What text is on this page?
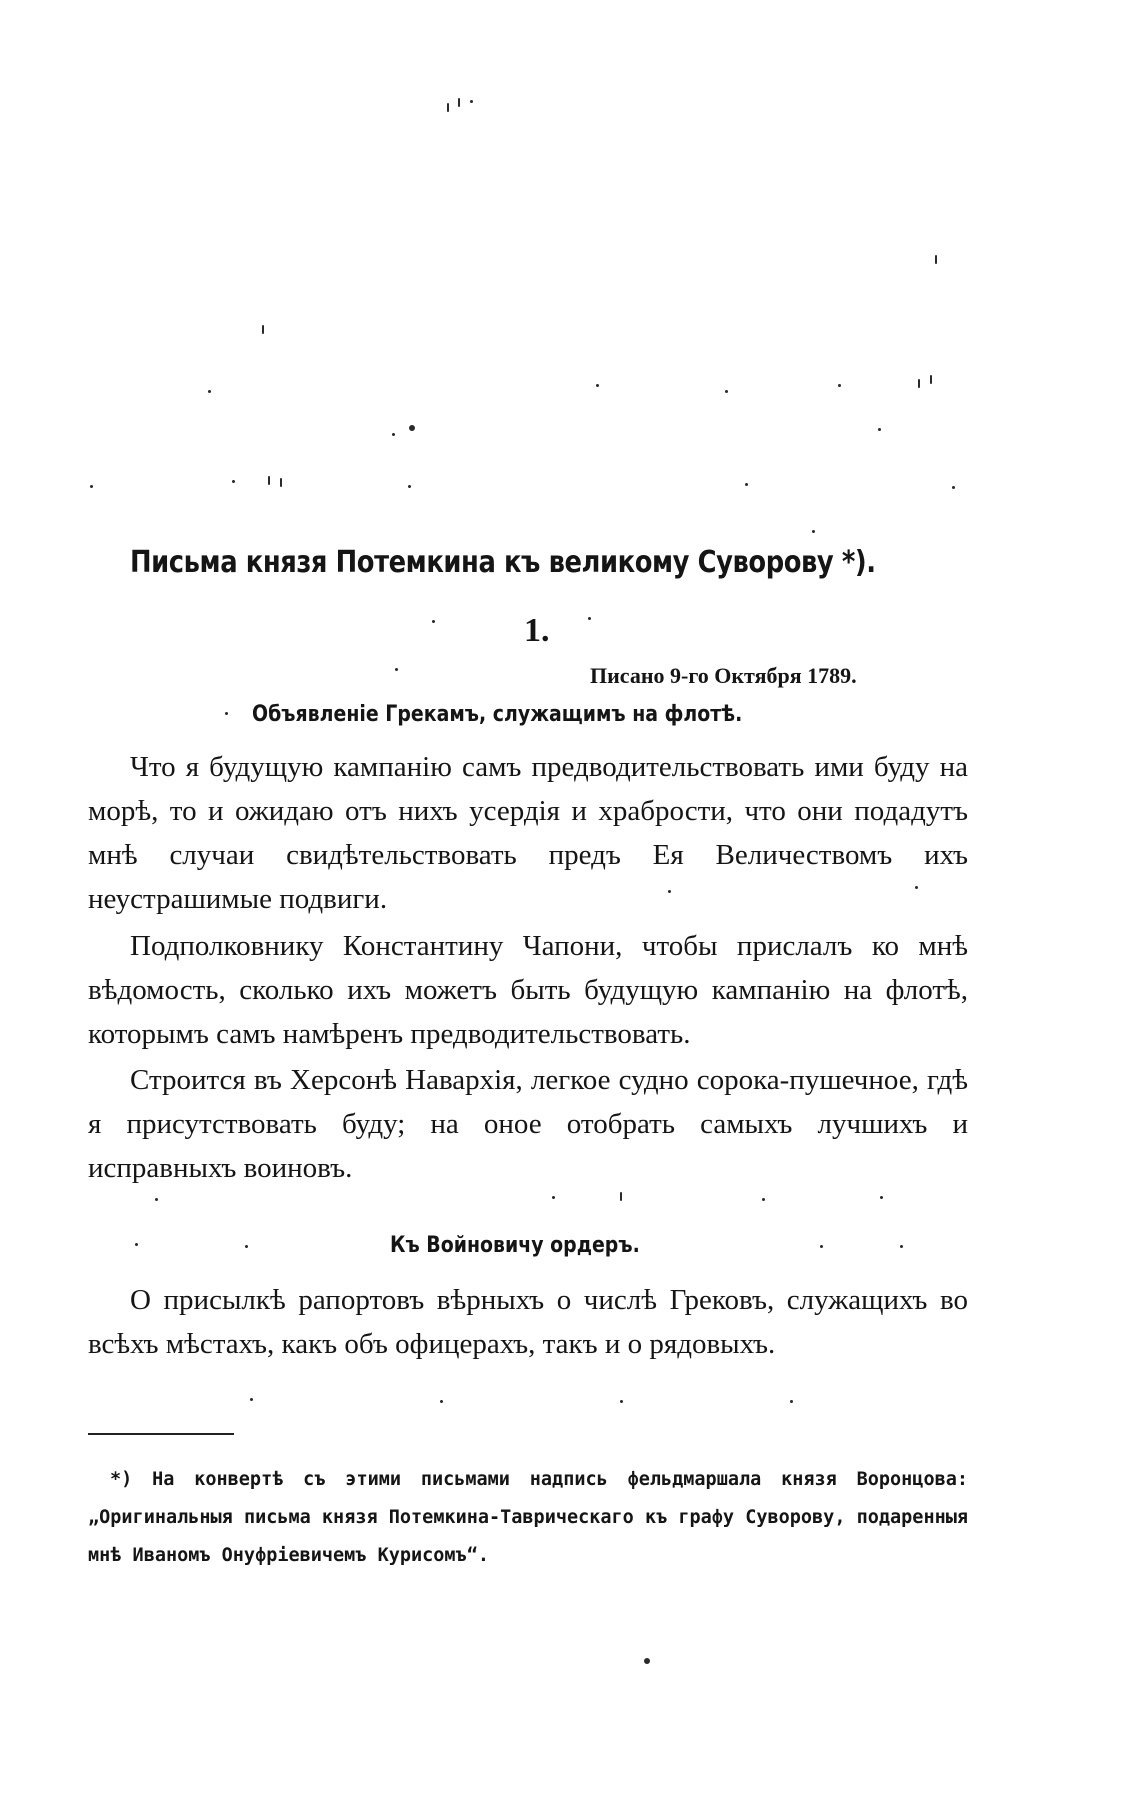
Письма князя Потемкина къ великому Суворову *).
1.
Писано 9-го Октября 1789.
Объявленіе Грекамъ, служащимъ на флотѣ.

Что я будущую кампанію самъ предводительствовать ими буду на морѣ, то и ожидаю отъ нихъ усердія и храбрости, что они подадутъ мнѣ случаи свидѣтельствовать предъ Ея Величествомъ ихъ неустрашимые подвиги.

Подполковнику Константину Чапони, чтобы прислалъ ко мнѣ вѣдомость, сколько ихъ можетъ быть будущую кампанію на флотѣ, которымъ самъ намѣренъ предводительствовать.

Строится въ Херсонѣ Навархія, легкое судно сорока-пушечное, гдѣ я присутствовать буду; на оное отобрать самыхъ лучшихъ и исправныхъ воиновъ.

Къ Войновичу ордеръ.

О присылкѣ рапортовъ вѣрныхъ о числѣ Грековъ, служащихъ во всѣхъ мѣстахъ, какъ объ офицерахъ, такъ и о рядовыхъ.

*) На конвертѣ съ этими письмами надпись фельдмаршала князя Воронцова: „Оригинальныя письма князя Потемкина-Таврическаго къ графу Суворову, подаренныя мнѣ Иваномъ Онуфріевичемъ Курисомъ“.
